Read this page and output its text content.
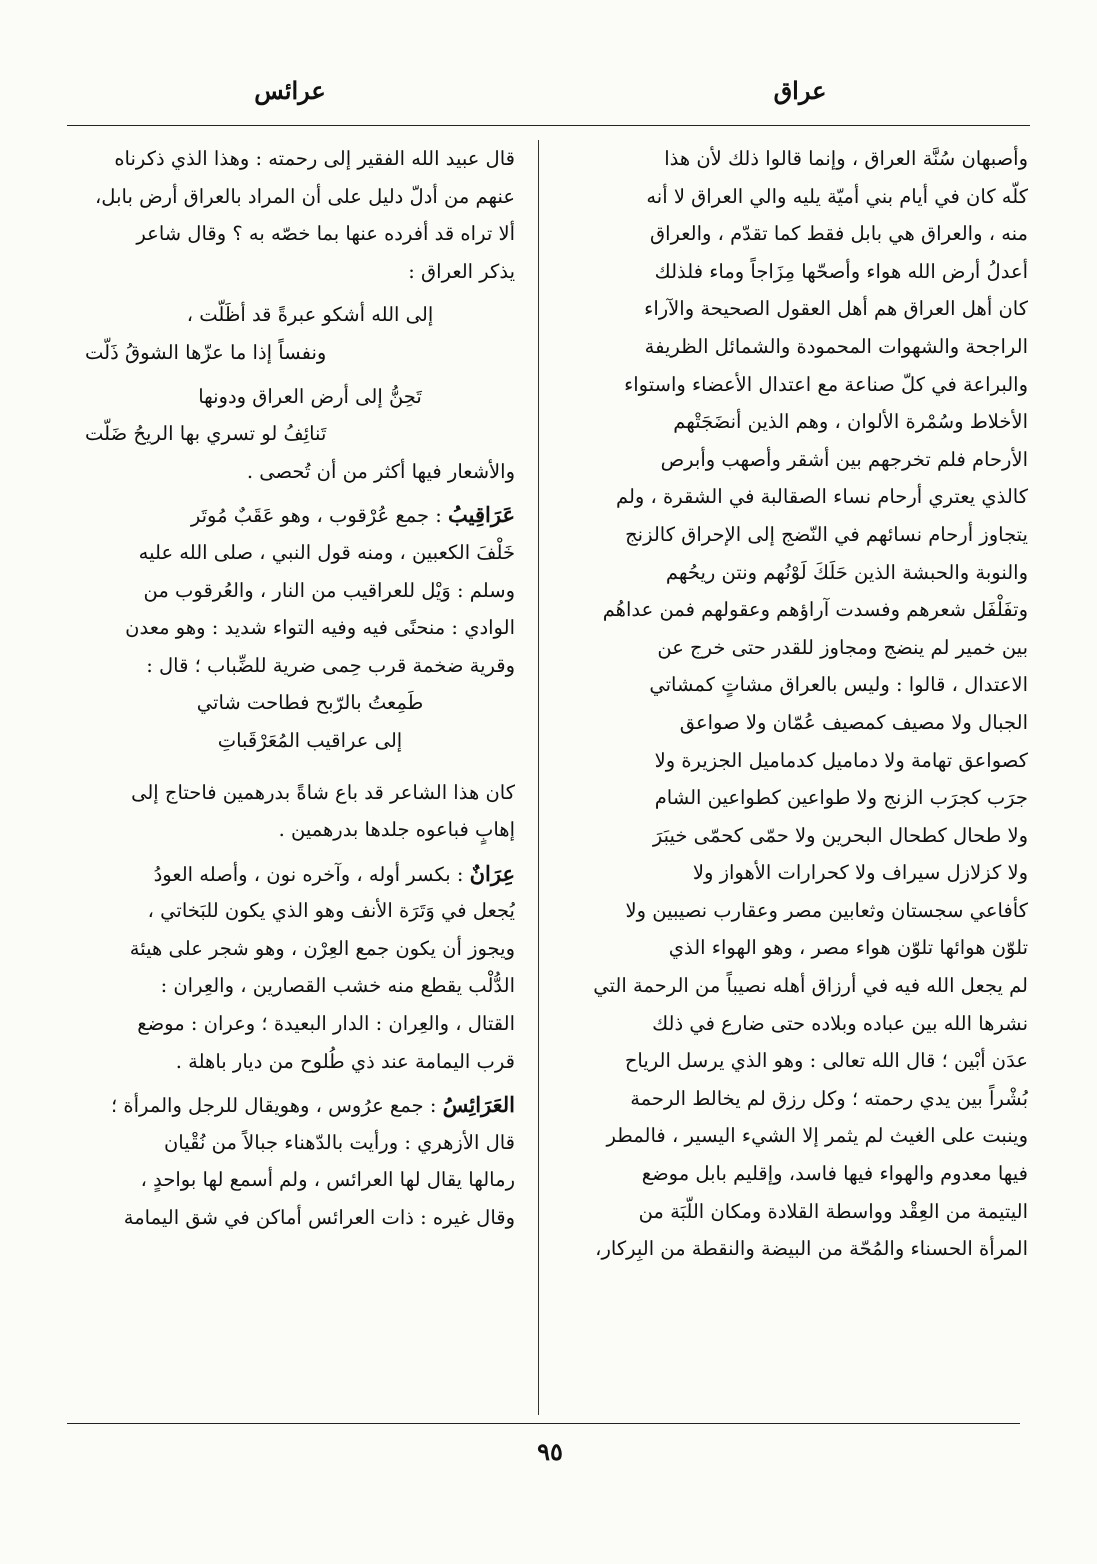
عراق
عرائس
وأصبهان سُنَّة العراق ، وإنما قالوا ذلك لأن هذا
كلّه كان في أيام بني أميّة يليه والي العراق لا أنه
منه ، والعراق هي بابل فقط كما تقدّم ، والعراق
أعدلُ أرض الله هواء وأصحّها مِزَاجاً وماء فلذلك
كان أهل العراق هم أهل العقول الصحيحة والآراء
الراجحة والشهوات المحمودة والشمائل الظريفة
والبراعة في كلّ صناعة مع اعتدال الأعضاء واستواء
الأخلاط وسُمْرة الألوان ، وهم الذين أنضَجَتْهم
الأرحام فلم تخرجهم بين أشقر وأصهب وأبرص
كالذي يعتري أرحام نساء الصقالبة في الشقرة ، ولم
يتجاوز أرحام نسائهم في النّضج إلى الإحراق كالزنج
والنوبة والحبشة الذين حَلَكَ لَوْنُهم ونتن ريحُهم
وتفَلْفَل شعرهم وفسدت آراؤهم وعقولهم فمن عداهُم
بين خمير لم ينضج ومجاوز للقدر حتى خرج عن
الاعتدال ، قالوا : وليس بالعراق مشاتٍ كمشاتي
الجبال ولا مصيف كمصيف عُمّان ولا صواعق
كصواعق تهامة ولا دماميل كدماميل الجزيرة ولا
جرَب كجرَب الزنج ولا طواعين كطواعين الشام
ولا طحال كطحال البحرين ولا حمّى كحمّى خيبَرَ
ولا كزلازل سيراف ولا كحرارات الأهواز ولا
كأفاعي سجستان وثعابين مصر وعقارب نصيبين ولا
تلوّن هوائها تلوّن هواء مصر ، وهو الهواء الذي
لم يجعل الله فيه في أرزاق أهله نصيباً من الرحمة التي
نشرها الله بين عباده وبلاده حتى ضارع في ذلك
عدَن أبْين ؛ قال الله تعالى : وهو الذي يرسل الرياح
بُشْراً بين يدي رحمته ؛ وكل رزق لم يخالط الرحمة
وينبت على الغيث لم يثمر إلا الشيء اليسير ، فالمطر
فيها معدوم والهواء فيها فاسد، وإقليم بابل موضع
اليتيمة من العِقْد وواسطة القلادة ومكان اللّبَة من
المرأة الحسناء والمُحّة من البيضة والنقطة من البِركار،
قال عبيد الله الفقير إلى رحمته : وهذا الذي ذكرناه
عنهم من أدلّ دليل على أن المراد بالعراق أرض بابل،
ألا تراه قد أفرده عنها بما خصّه به ؟ وقال شاعر
يذكر العراق :
إلى الله أشكو عبرةً قد أظَلّت ،
ونفساً إذا ما عزّها الشوقُ ذَلّت
تَحِنُّ إلى أرض العراق ودونها
تَنائِفُ لو تسري بها الريحُ ضَلّت
والأشعار فيها أكثر من أن تُحصى .
عَرَاقِيبُ : جمع عُرْقوب ، وهو عَقَبٌ مُوتَر
خَلْفَ الكعبين ، ومنه قول النبي ، صلى الله عليه
وسلم : وَيْل للعراقيب من النار ، والعُرقوب من
الوادي : منحنًى فيه وفيه التواء شديد : وهو معدن
وقرية ضخمة قرب حِمى ضرية للضِّباب ؛ قال :
طَمِعتُ بالرّبح فطاحت شاتي
إلى عراقيب المُعَرْقَباتِ
كان هذا الشاعر قد باع شاةً بدرهمين فاحتاج إلى
إهابٍ فباعوه جلدها بدرهمين .
عِرَانٌ : بكسر أوله ، وآخره نون ، وأصله العودُ
يُجعل في وَتَرَة الأنف وهو الذي يكون للبَخاتي ،
ويجوز أن يكون جمع العِرْن ، وهو شجر على هيئة
الدُّلْب يقطع منه خشب القصارين ، والعِران :
القتال ، والعِران : الدار البعيدة ؛ وعران : موضع
قرب اليمامة عند ذي طُلوح من ديار باهلة .
العَرَائِسُ : جمع عرُوس ، وهويقال للرجل والمرأة ؛
قال الأزهري : ورأيت بالدّهناء جبالاً من نُقْيان
رمالها يقال لها العرائس ، ولم أسمع لها بواحدٍ ،
وقال غيره : ذات العرائس أماكن في شق اليمامة
٩٥
